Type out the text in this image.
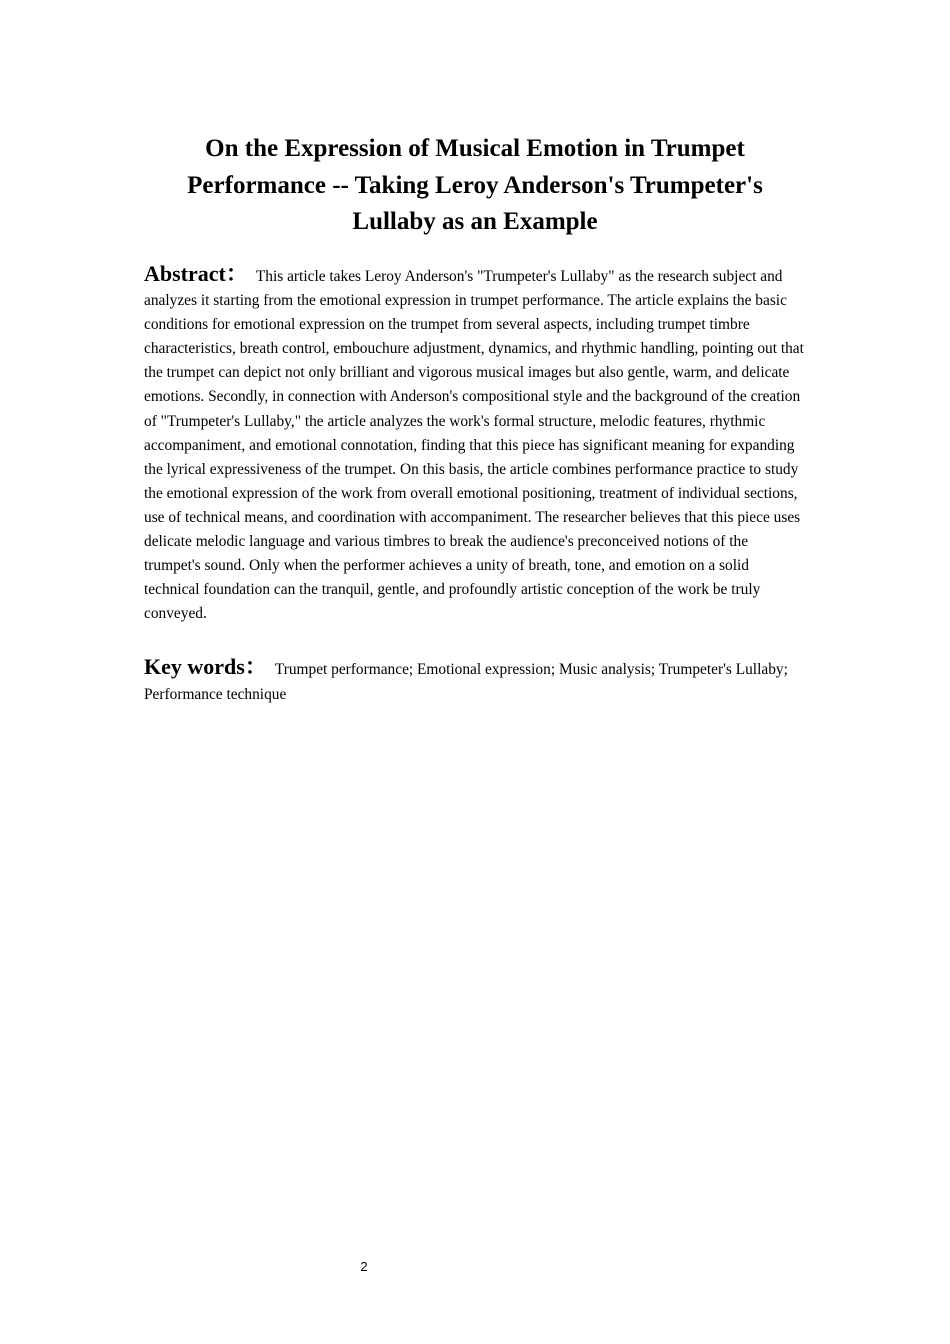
On the Expression of Musical Emotion in Trumpet Performance -- Taking Leroy Anderson's Trumpeter's Lullaby as an Example

Abstract： This article takes Leroy Anderson's "Trumpeter's Lullaby" as the research subject and analyzes it starting from the emotional expression in trumpet performance. The article explains the basic conditions for emotional expression on the trumpet from several aspects, including trumpet timbre characteristics, breath control, embouchure adjustment, dynamics, and rhythmic handling, pointing out that the trumpet can depict not only brilliant and vigorous musical images but also gentle, warm, and delicate emotions. Secondly, in connection with Anderson's compositional style and the background of the creation of "Trumpeter's Lullaby," the article analyzes the work's formal structure, melodic features, rhythmic accompaniment, and emotional connotation, finding that this piece has significant meaning for expanding the lyrical expressiveness of the trumpet. On this basis, the article combines performance practice to study the emotional expression of the work from overall emotional positioning, treatment of individual sections, use of technical means, and coordination with accompaniment. The researcher believes that this piece uses delicate melodic language and various timbres to break the audience's preconceived notions of the trumpet's sound. Only when the performer achieves a unity of breath, tone, and emotion on a solid technical foundation can the tranquil, gentle, and profoundly artistic conception of the work be truly conveyed.

Key words： Trumpet performance; Emotional expression; Music analysis; Trumpeter's Lullaby; Performance technique

2
